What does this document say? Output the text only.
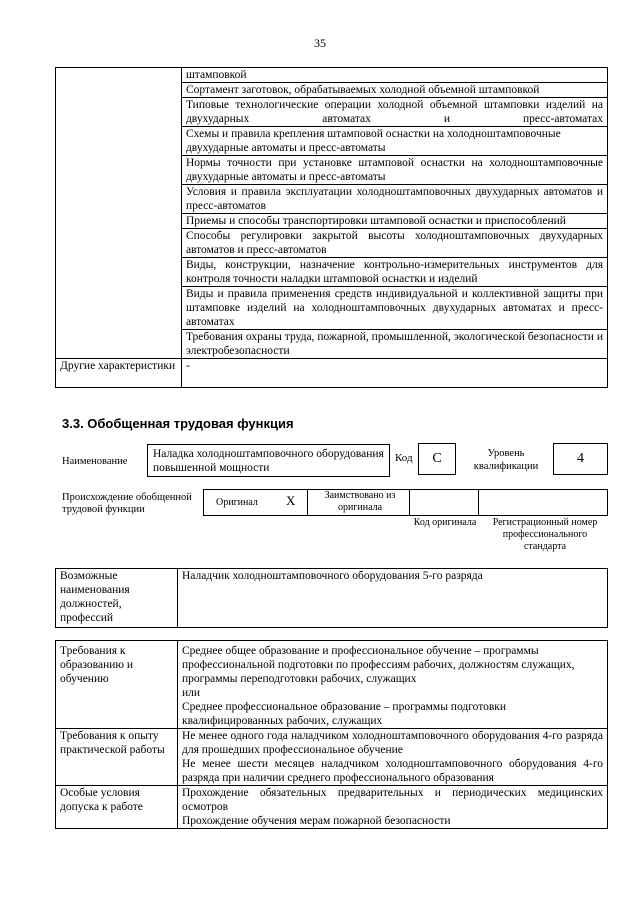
35
	штамповкой
	Сортамент заготовок, обрабатываемых холодной объемной штамповкой

	Типовые технологические операции холодной объемной штамповки изделий на двухударных автоматах и пресс-автоматах

	Схемы и правила крепления штамповой оснастки на холодноштамповочные двухударные автоматы и пресс-автоматы

	Нормы точности при установке штамповой оснастки на холодноштамповочные двухударные автоматы и пресс-автоматы

	Условия и правила эксплуатации холодноштамповочных двухударных автоматов и пресс-автоматов

	Приемы и способы транспортировки штамповой оснастки и приспособлений

	Способы регулировки закрытой высоты холодноштамповочных двухударных автоматов и пресс-автоматов

	Виды, конструкции, назначение контрольно-измерительных инструментов для контроля точности наладки штамповой оснастки и изделий

	Виды и правила применения средств индивидуальной и коллективной защиты при штамповке изделий на холодноштамповочных двухударных автоматах и пресс-автоматах

	Требования охраны труда, пожарной, промышленной, экологической безопасности и электробезопасности

Другие характеристики	-
3.3. Обобщенная трудовая функция
Наименование
Наладка холодноштамповочного оборудования повышенной мощности
Код	C	Уровень квалификации
4
Происхождение обобщенной трудовой функции
Оригинал X	Заимствовано из оригинала
Код оригинала	Регистрационный номер профессионального стандарта
Возможные наименования должностей, профессий	Наладчик холодноштамповочного оборудования 5-го разряда
Требования к образованию и обучению	Среднее общее образование и профессиональное обучение – программы профессиональной подготовки по профессиям рабочих, должностям служащих, программы переподготовки рабочих, служащих
или
Среднее профессиональное образование – программы подготовки квалифицированных рабочих, служащих

Требования к опыту практической работы	Не менее одного года наладчиком холодноштамповочного оборудования 4-го разряда для прошедших профессиональное обучение
Не менее шести месяцев наладчиком холодноштамповочного оборудования 4-го разряда при наличии среднего профессионального образования

Особые условия допуска к работе	Прохождение обязательных предварительных и периодических медицинских осмотров
Прохождение обучения мерам пожарной безопасности
